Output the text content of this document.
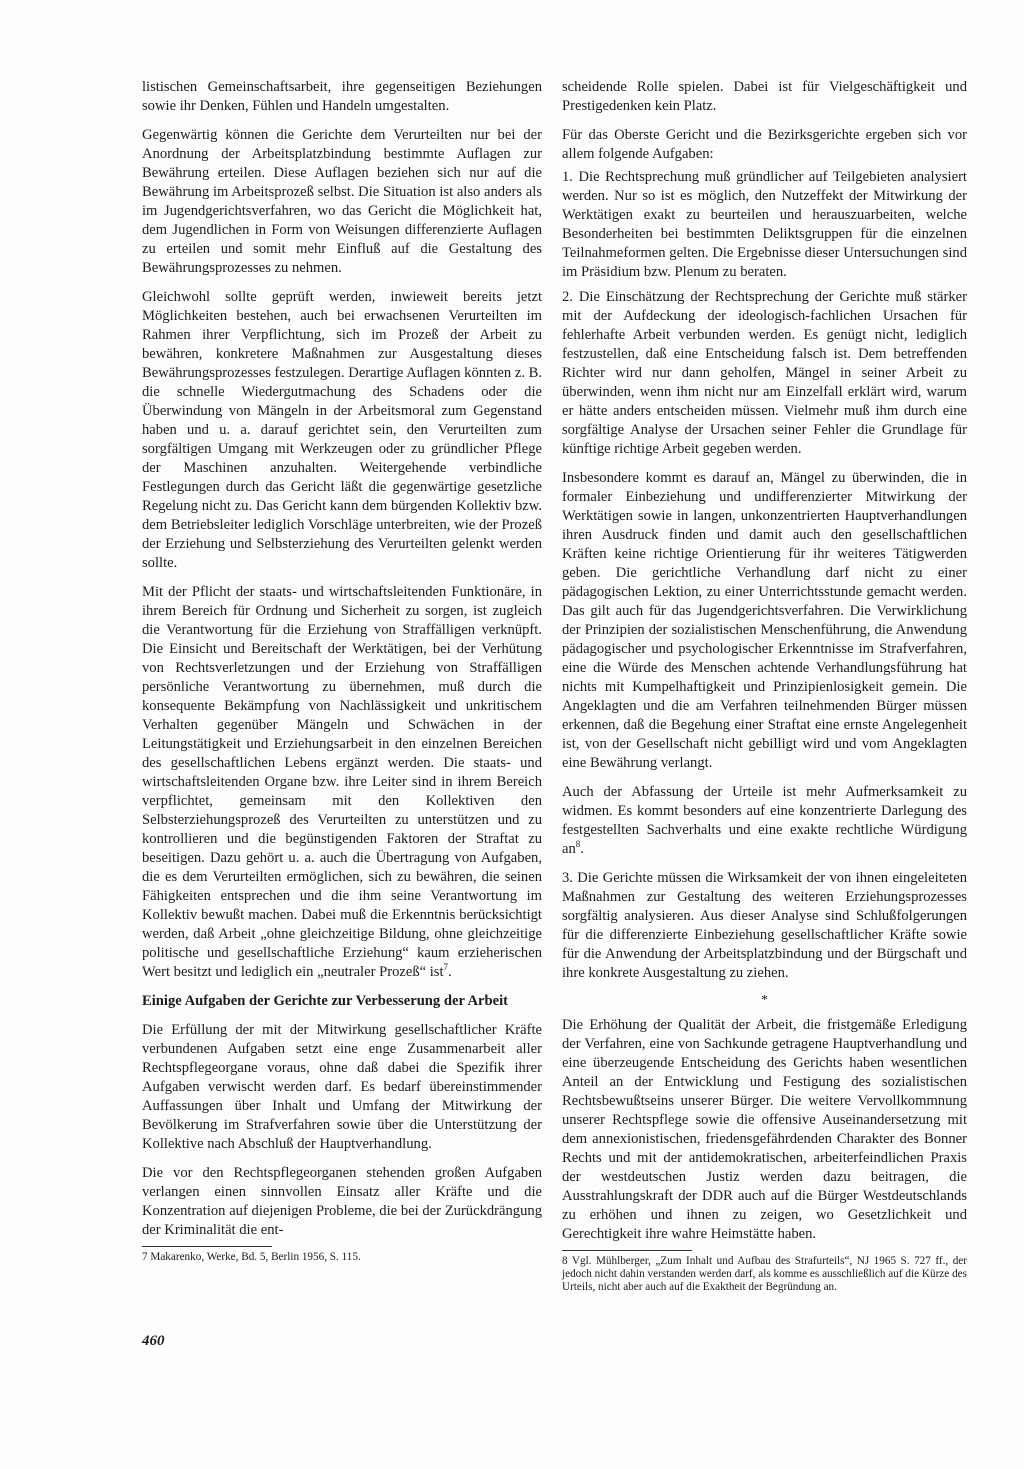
listischen Gemeinschaftsarbeit, ihre gegenseitigen Beziehungen sowie ihr Denken, Fühlen und Handeln umgestalten.

Gegenwärtig können die Gerichte dem Verurteilten nur bei der Anordnung der Arbeitsplatzbindung bestimmte Auflagen zur Bewährung erteilen. Diese Auflagen beziehen sich nur auf die Bewährung im Arbeitsprozeß selbst. Die Situation ist also anders als im Jugendgerichtsverfahren, wo das Gericht die Möglichkeit hat, dem Jugendlichen in Form von Weisungen differenzierte Auflagen zu erteilen und somit mehr Einfluß auf die Gestaltung des Bewährungsprozesses zu nehmen.

Gleichwohl sollte geprüft werden, inwieweit bereits jetzt Möglichkeiten bestehen, auch bei erwachsenen Verurteilten im Rahmen ihrer Verpflichtung, sich im Prozeß der Arbeit zu bewähren, konkretere Maßnahmen zur Ausgestaltung dieses Bewährungsprozesses festzulegen. Derartige Auflagen könnten z. B. die schnelle Wiedergutmachung des Schadens oder die Überwindung von Mängeln in der Arbeitsmoral zum Gegenstand haben und u. a. darauf gerichtet sein, den Verurteilten zum sorgfältigen Umgang mit Werkzeugen oder zu gründlicher Pflege der Maschinen anzuhalten. Weitergehende verbindliche Festlegungen durch das Gericht läßt die gegenwärtige gesetzliche Regelung nicht zu. Das Gericht kann dem bürgenden Kollektiv bzw. dem Betriebsleiter lediglich Vorschläge unterbreiten, wie der Prozeß der Erziehung und Selbsterziehung des Verurteilten gelenkt werden sollte.

Mit der Pflicht der staats- und wirtschaftsleitenden Funktionäre, in ihrem Bereich für Ordnung und Sicherheit zu sorgen, ist zugleich die Verantwortung für die Erziehung von Straffälligen verknüpft. Die Einsicht und Bereitschaft der Werktätigen, bei der Verhütung von Rechtsverletzungen und der Erziehung von Straffälligen persönliche Verantwortung zu übernehmen, muß durch die konsequente Bekämpfung von Nachlässigkeit und unkritischem Verhalten gegenüber Mängeln und Schwächen in der Leitungstätigkeit und Erziehungsarbeit in den einzelnen Bereichen des gesellschaftlichen Lebens ergänzt werden. Die staats- und wirtschaftsleitenden Organe bzw. ihre Leiter sind in ihrem Bereich verpflichtet, gemeinsam mit den Kollektiven den Selbsterziehungsprozeß des Verurteilten zu unterstützen und zu kontrollieren und die begünstigenden Faktoren der Straftat zu beseitigen. Dazu gehört u. a. auch die Übertragung von Aufgaben, die es dem Verurteilten ermöglichen, sich zu bewähren, die seinen Fähigkeiten entsprechen und die ihm seine Verantwortung im Kollektiv bewußt machen. Dabei muß die Erkenntnis berücksichtigt werden, daß Arbeit „ohne gleichzeitige Bildung, ohne gleichzeitige politische und gesellschaftliche Erziehung“ kaum erzieherischen Wert besitzt und lediglich ein „neutraler Prozeß“ ist$^7$.

Einige Aufgaben der Gerichte zur Verbesserung der Arbeit

Die Erfüllung der mit der Mitwirkung gesellschaftlicher Kräfte verbundenen Aufgaben setzt eine enge Zusammenarbeit aller Rechtspflegeorgane voraus, ohne daß dabei die Spezifik ihrer Aufgaben verwischt werden darf. Es bedarf übereinstimmender Auffassungen über Inhalt und Umfang der Mitwirkung der Bevölkerung im Strafverfahren sowie über die Unterstützung der Kollektive nach Abschluß der Hauptverhandlung.

Die vor den Rechtspflegeorganen stehenden großen Aufgaben verlangen einen sinnvollen Einsatz aller Kräfte und die Konzentration auf diejenigen Probleme, die bei der Zurückdrängung der Kriminalität die ent-

7 Makarenko, Werke, Bd. 5, Berlin 1956, S. 115.

scheidende Rolle spielen. Dabei ist für Vielgeschäftigkeit und Prestigedenken kein Platz.

Für das Oberste Gericht und die Bezirksgerichte ergeben sich vor allem folgende Aufgaben:

1. Die Rechtsprechung muß gründlicher auf Teilgebieten analysiert werden. Nur so ist es möglich, den Nutzeffekt der Mitwirkung der Werktätigen exakt zu beurteilen und herauszuarbeiten, welche Besonderheiten bei bestimmten Deliktsgruppen für die einzelnen Teilnahmeformen gelten. Die Ergebnisse dieser Untersuchungen sind im Präsidium bzw. Plenum zu beraten.

2. Die Einschätzung der Rechtsprechung der Gerichte muß stärker mit der Aufdeckung der ideologisch-fachlichen Ursachen für fehlerhafte Arbeit verbunden werden. Es genügt nicht, lediglich festzustellen, daß eine Entscheidung falsch ist. Dem betreffenden Richter wird nur dann geholfen, Mängel in seiner Arbeit zu überwinden, wenn ihm nicht nur am Einzelfall erklärt wird, warum er hätte anders entscheiden müssen. Vielmehr muß ihm durch eine sorgfältige Analyse der Ursachen seiner Fehler die Grundlage für künftige richtige Arbeit gegeben werden.

Insbesondere kommt es darauf an, Mängel zu überwinden, die in formaler Einbeziehung und undifferenzierter Mitwirkung der Werktätigen sowie in langen, unkonzentrierten Hauptverhandlungen ihren Ausdruck finden und damit auch den gesellschaftlichen Kräften keine richtige Orientierung für ihr weiteres Tätigwerden geben. Die gerichtliche Verhandlung darf nicht zu einer pädagogischen Lektion, zu einer Unterrichtsstunde gemacht werden. Das gilt auch für das Jugendgerichtsverfahren. Die Verwirklichung der Prinzipien der sozialistischen Menschenführung, die Anwendung pädagogischer und psychologischer Erkenntnisse im Strafverfahren, eine die Würde des Menschen achtende Verhandlungsführung hat nichts mit Kumpelhaftigkeit und Prinzipienlosigkeit gemein. Die Angeklagten und die am Verfahren teilnehmenden Bürger müssen erkennen, daß die Begehung einer Straftat eine ernste Angelegenheit ist, von der Gesellschaft nicht gebilligt wird und vom Angeklagten eine Bewährung verlangt.

Auch der Abfassung der Urteile ist mehr Aufmerksamkeit zu widmen. Es kommt besonders auf eine konzentrierte Darlegung des festgestellten Sachverhalts und eine exakte rechtliche Würdigung $an^8$.

3. Die Gerichte müssen die Wirksamkeit der von ihnen eingeleiteten Maßnahmen zur Gestaltung des weiteren Erziehungsprozesses sorgfältig analysieren. Aus dieser Analyse sind Schlußfolgerungen für die differenzierte Einbeziehung gesellschaftlicher Kräfte sowie für die Anwendung der Arbeitsplatzbindung und der Bürgschaft und ihre konkrete Ausgestaltung zu ziehen.

*

Die Erhöhung der Qualität der Arbeit, die fristgemäße Erledigung der Verfahren, eine von Sachkunde getragene Hauptverhandlung und eine überzeugende Entscheidung des Gerichts haben wesentlichen Anteil an der Entwicklung und Festigung des sozialistischen Rechtsbewußtseins unserer Bürger. Die weitere Vervollkommnung unserer Rechtspflege sowie die offensive Auseinandersetzung mit dem annexionistischen, friedensgefährdenden Charakter des Bonner Rechts und mit der antidemokratischen, arbeiterfeindlichen Praxis der westdeutschen Justiz werden dazu beitragen, die Ausstrahlungskraft der DDR auch auf die Bürger Westdeutschlands zu erhöhen und ihnen zu zeigen, wo Gesetzlichkeit und Gerechtigkeit ihre wahre Heimstätte haben.

8 Vgl. Mühlberger, „Zum Inhalt und Aufbau des Strafurteils“, NJ 1965 S. 727 ff., der jedoch nicht dahin verstanden werden darf, als komme es ausschließlich auf die Kürze des Urteils, nicht aber auch auf die Exaktheit der Begründung an.

460
